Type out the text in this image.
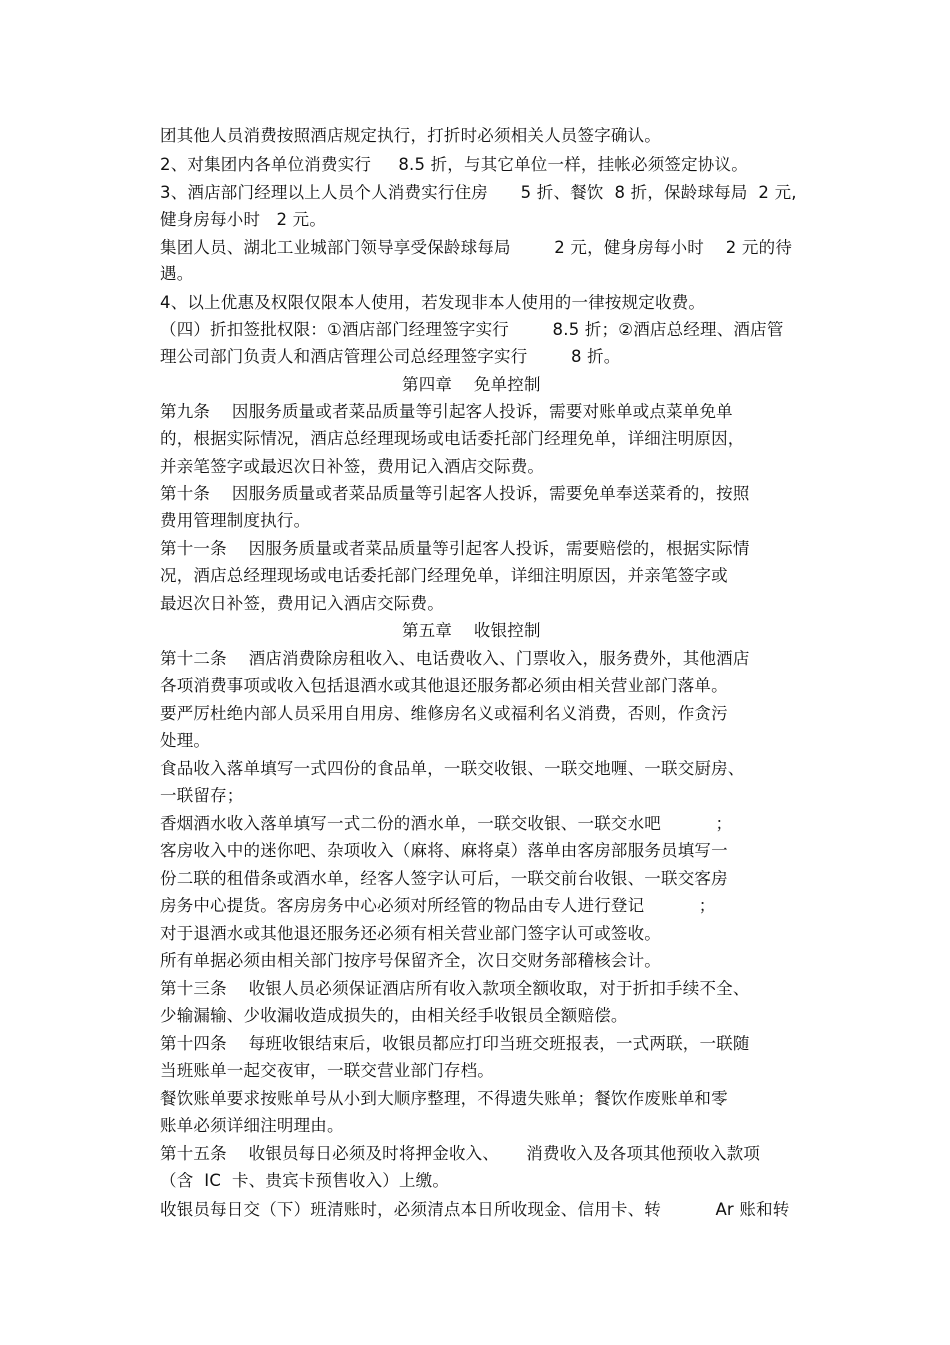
团其他人员消费按照酒店规定执行，打折时必须相关人员签字确认。
2、对集团内各单位消费实行     8.5 折，与其它单位一样，挂帐必须签定协议。
3、酒店部门经理以上人员个人消费实行住房      5 折、餐饮  8 折，保龄球每局  2 元,
健身房每小时   2 元。
集团人员、湖北工业城部门领导享受保龄球每局        2 元，健身房每小时    2 元的待
遇。
4、以上优惠及权限仅限本人使用，若发现非本人使用的一律按规定收费。
（四）折扣签批权限：①酒店部门经理签字实行        8.5 折；②酒店总经理、酒店管
理公司部门负责人和酒店管理公司总经理签字实行        8 折。
第四章    免单控制
第九条    因服务质量或者菜品质量等引起客人投诉，需要对账单或点菜单免单
的，根据实际情况，酒店总经理现场或电话委托部门经理免单，详细注明原因，
并亲笔签字或最迟次日补签，费用记入酒店交际费。
第十条    因服务质量或者菜品质量等引起客人投诉，需要免单奉送菜肴的，按照
费用管理制度执行。
第十一条    因服务质量或者菜品质量等引起客人投诉，需要赔偿的，根据实际情
况，酒店总经理现场或电话委托部门经理免单，详细注明原因，并亲笔签字或
最迟次日补签，费用记入酒店交际费。
第五章    收银控制
第十二条    酒店消费除房租收入、电话费收入、门票收入，服务费外，其他酒店
各项消费事项或收入包括退酒水或其他退还服务都必须由相关营业部门落单。
要严厉杜绝内部人员采用自用房、维修房名义或福利名义消费，否则，作贪污
处理。
食品收入落单填写一式四份的食品单，一联交收银、一联交地喱、一联交厨房、
一联留存；
香烟酒水收入落单填写一式二份的酒水单，一联交收银、一联交水吧          ；
客房收入中的迷你吧、杂项收入（麻将、麻将桌）落单由客房部服务员填写一
份二联的租借条或酒水单，经客人签字认可后，一联交前台收银、一联交客房
房务中心提货。客房房务中心必须对所经管的物品由专人进行登记          ；
对于退酒水或其他退还服务还必须有相关营业部门签字认可或签收。
所有单据必须由相关部门按序号保留齐全，次日交财务部稽核会计。
第十三条    收银人员必须保证酒店所有收入款项全额收取，对于折扣手续不全、
少输漏输、少收漏收造成损失的，由相关经手收银员全额赔偿。
第十四条    每班收银结束后，收银员都应打印当班交班报表，一式两联，一联随
当班账单一起交夜审，一联交营业部门存档。
餐饮账单要求按账单号从小到大顺序整理，不得遗失账单；餐饮作废账单和零
账单必须详细注明理由。
第十五条    收银员每日必须及时将押金收入、     消费收入及各项其他预收入款项
（含  IC  卡、贵宾卡预售收入）上缴。
收银员每日交（下）班清账时，必须清点本日所收现金、信用卡、转          Ar 账和转
